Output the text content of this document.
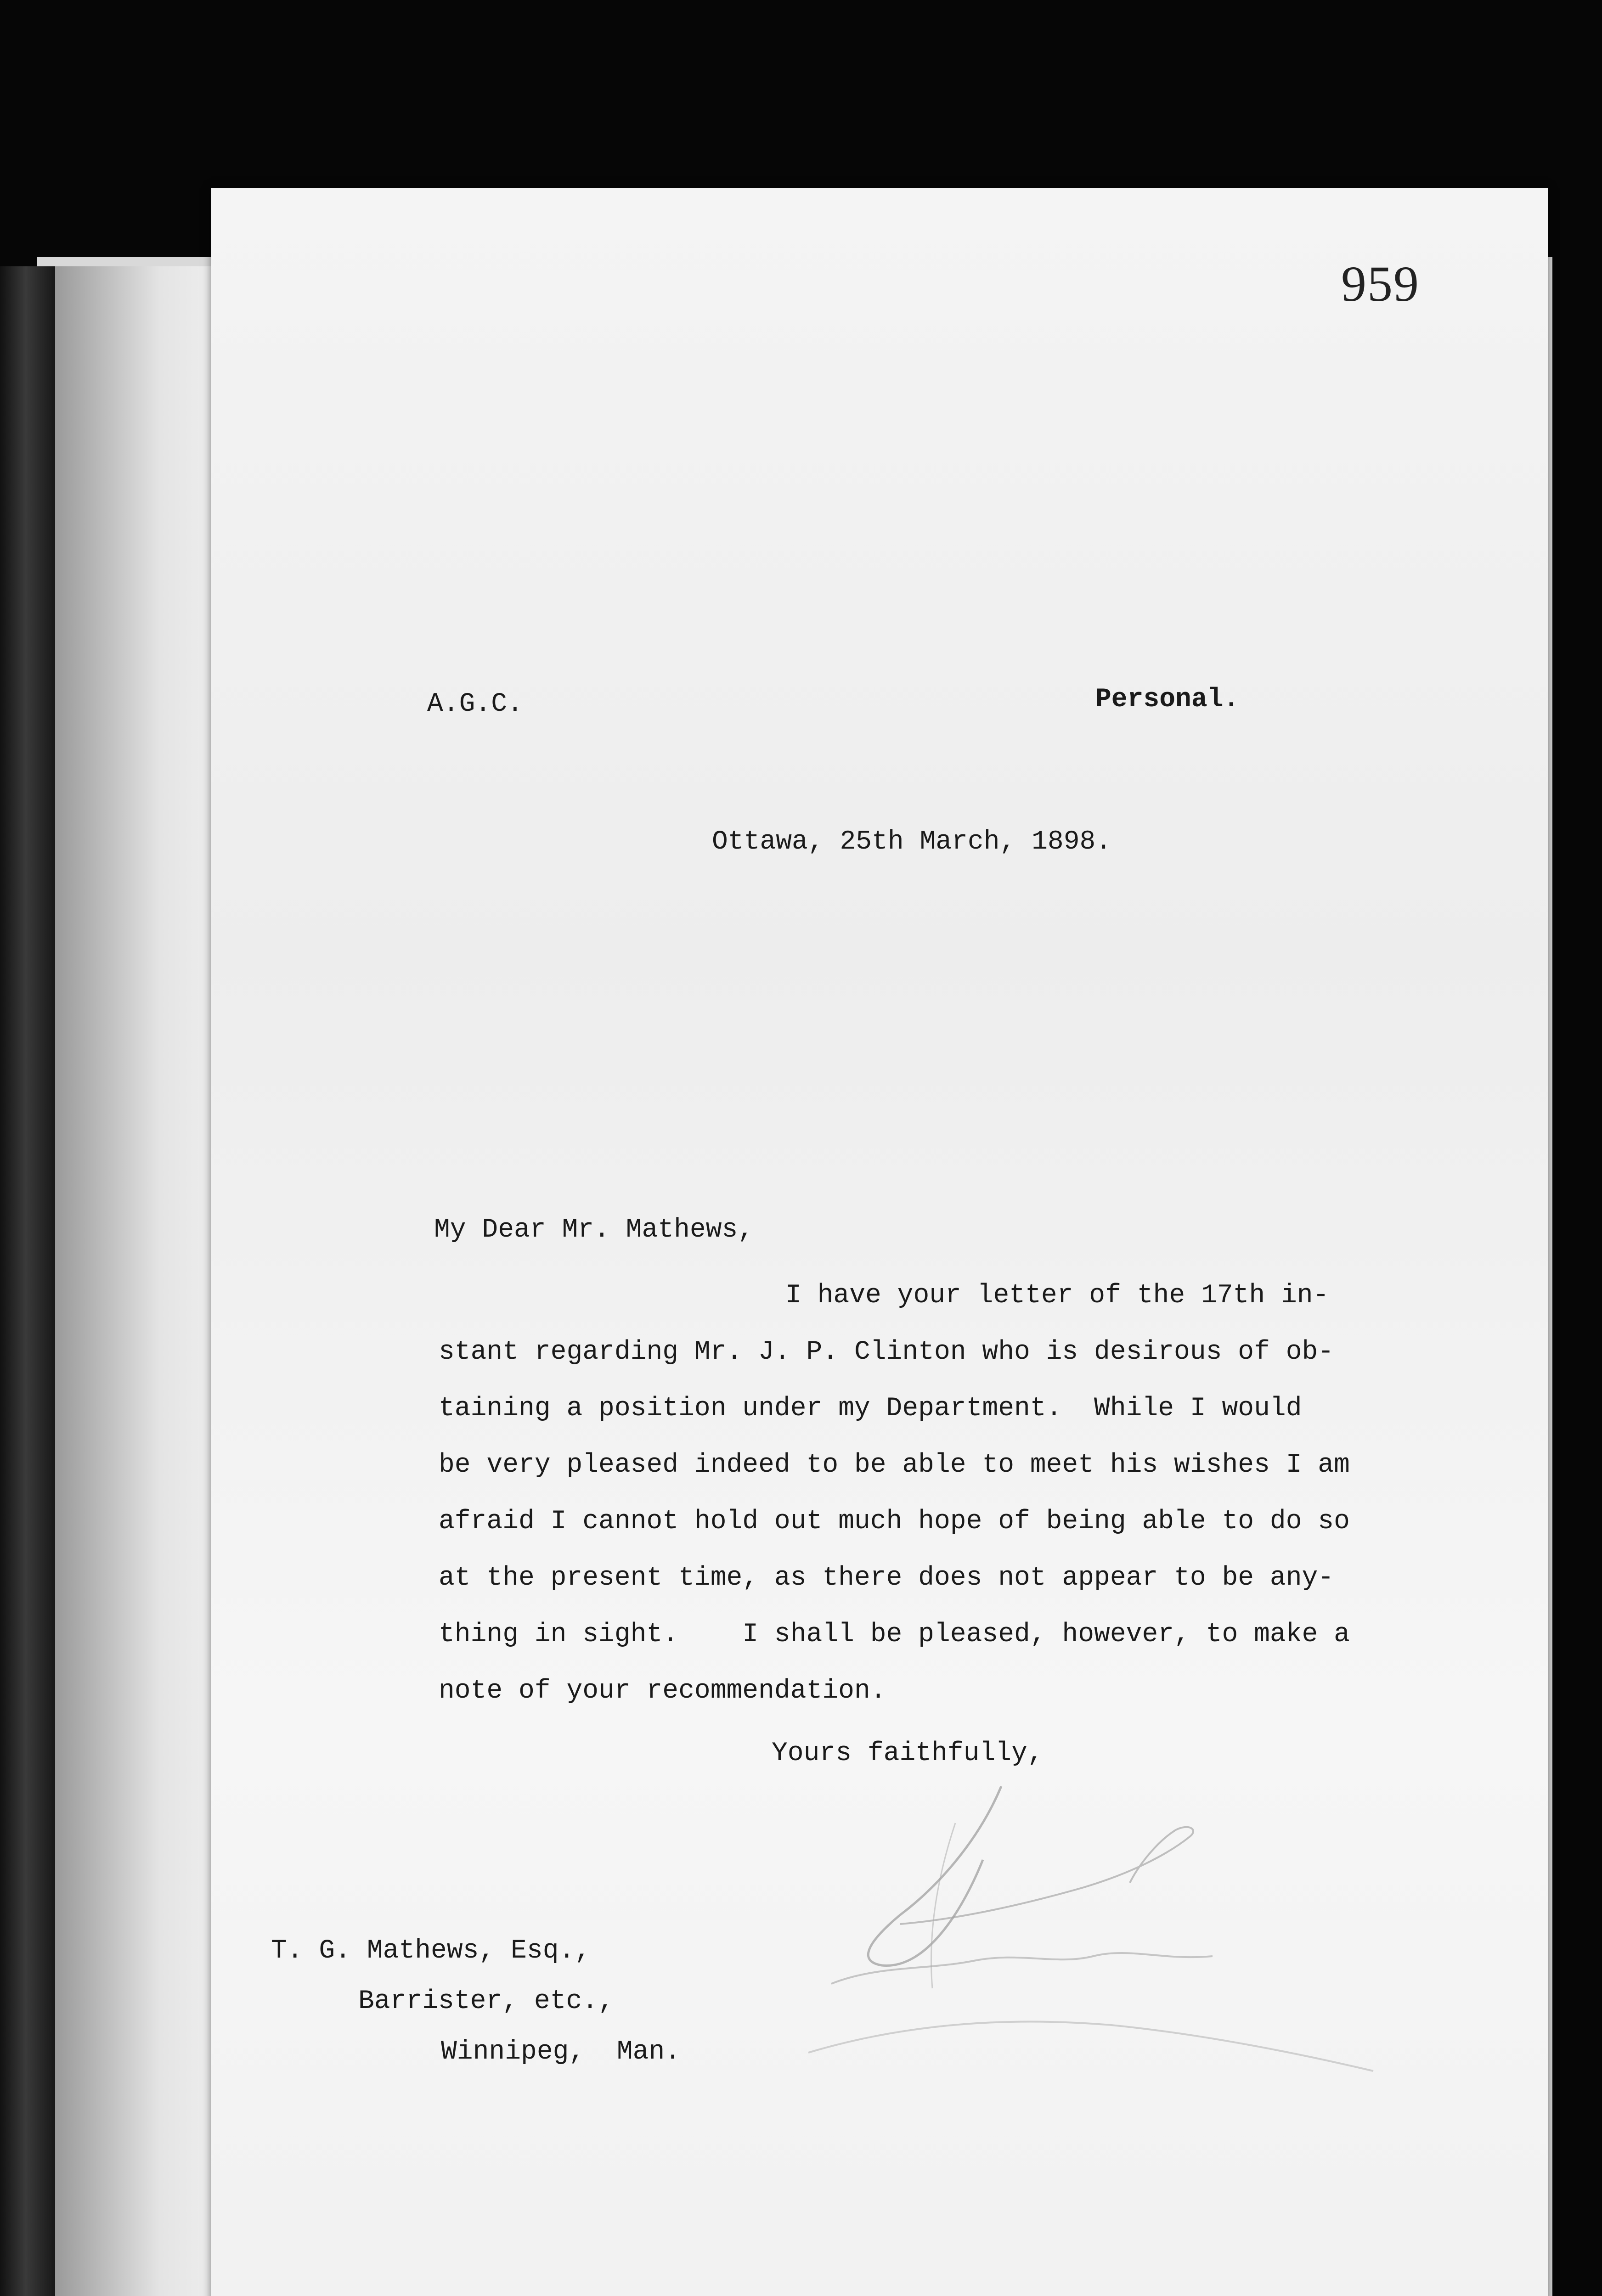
959
A.G.C.	Personal.
Ottawa, 25th March, 1898.
My Dear Mr. Mathews,
I have your letter of the 17th in-
stant regarding Mr. J. P. Clinton who is desirous of ob-
taining a position under my Department.  While I would
be very pleased indeed to be able to meet his wishes I am
afraid I cannot hold out much hope of being able to do so
at the present time, as there does not appear to be any-
thing in sight.    I shall be pleased, however, to make a
note of your recommendation.
Yours faithfully,
T. G. Mathews, Esq.,
Barrister, etc.,
Winnipeg,  Man.
